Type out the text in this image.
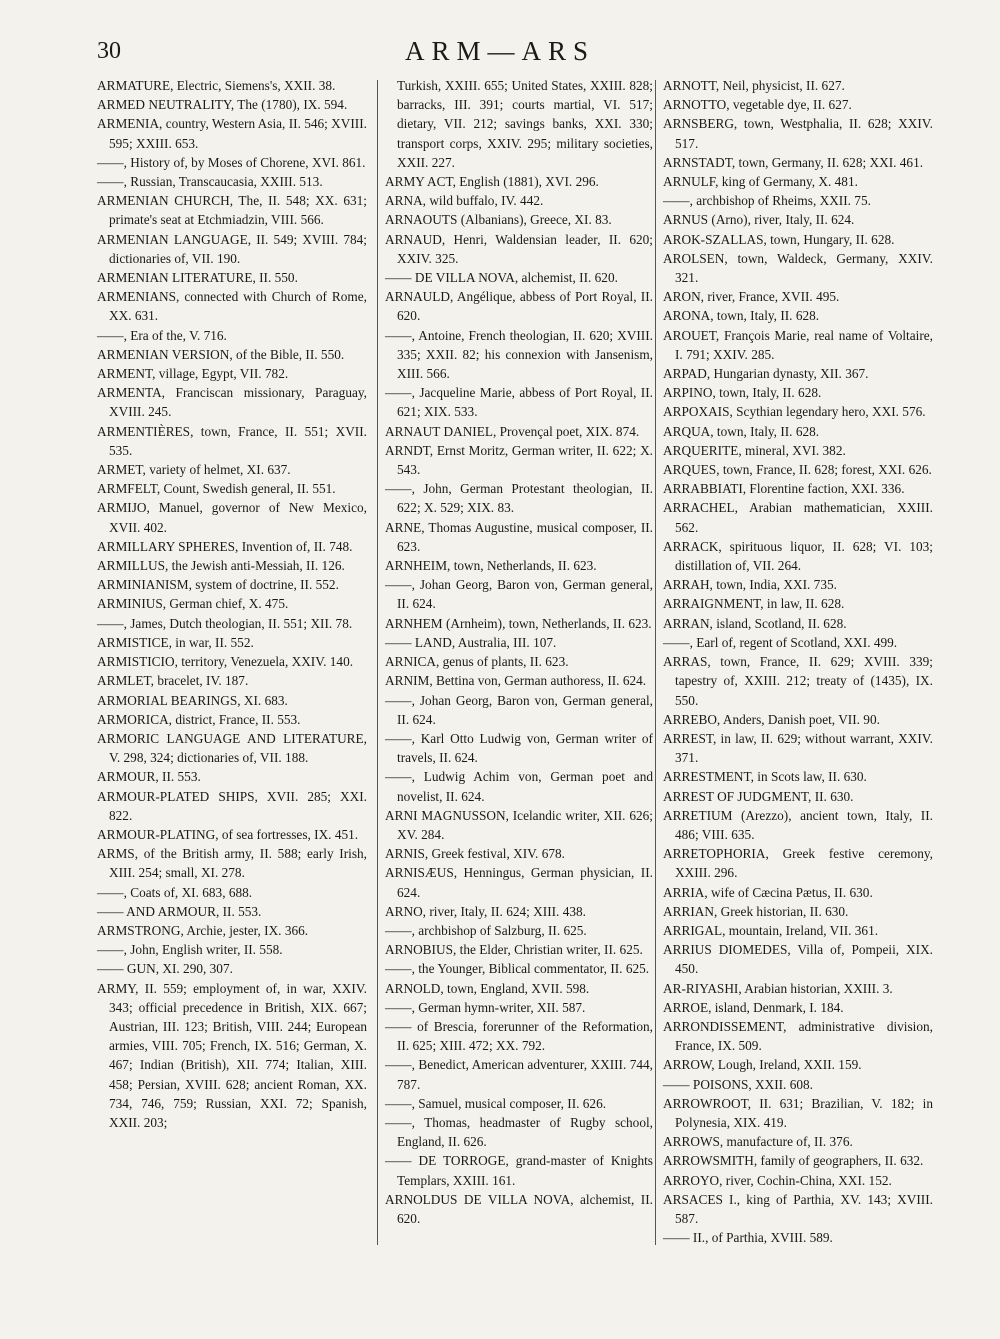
30	ARM—ARS

ARMATURE, Electric, Siemens's, XXII. 38.

ARMED NEUTRALITY, The (1780), IX. 594.

ARMENIA, country, Western Asia, II. 546; XVIII. 595; XXIII. 653.

——, History of, by Moses of Chorene, XVI. 861.

——, Russian, Transcaucasia, XXIII. 513.

ARMENIAN CHURCH, The, II. 548; XX. 631; primate's seat at Etchmiadzin, VIII. 566.

ARMENIAN LANGUAGE, II. 549; XVIII. 784; dictionaries of, VII. 190.

ARMENIAN LITERATURE, II. 550.

ARMENIANS, connected with Church of Rome, XX. 631.

——, Era of the, V. 716.

ARMENIAN VERSION, of the Bible, II. 550.

ARMENT, village, Egypt, VII. 782.

ARMENTA, Franciscan missionary, Paraguay, XVIII. 245.

ARMENTIÈRES, town, France, II. 551; XVII. 535.

ARMET, variety of helmet, XI. 637.

ARMFELT, Count, Swedish general, II. 551.

ARMIJO, Manuel, governor of New Mexico, XVII. 402.

ARMILLARY SPHERES, Invention of, II. 748.

ARMILLUS, the Jewish anti-Messiah, II. 126.

ARMINIANISM, system of doctrine, II. 552.

ARMINIUS, German chief, X. 475.

——, James, Dutch theologian, II. 551; XII. 78.

ARMISTICE, in war, II. 552.

ARMISTICIO, territory, Venezuela, XXIV. 140.

ARMLET, bracelet, IV. 187.

ARMORIAL BEARINGS, XI. 683.

ARMORICA, district, France, II. 553.

ARMORIC LANGUAGE AND LITERATURE, V. 298, 324; dictionaries of, VII. 188.

ARMOUR, II. 553.

ARMOUR-PLATED SHIPS, XVII. 285; XXI. 822.

ARMOUR-PLATING, of sea fortresses, IX. 451.

ARMS, of the British army, II. 588; early Irish, XIII. 254; small, XI. 278.

——, Coats of, XI. 683, 688.

—— AND ARMOUR, II. 553.

ARMSTRONG, Archie, jester, IX. 366.

——, John, English writer, II. 558.

—— GUN, XI. 290, 307.

ARMY, II. 559; employment of, in war, XXIV. 343; official precedence in British, XIX. 667; Austrian, III. 123; British, VIII. 244; European armies, VIII. 705; French, IX. 516; German, X. 467; Indian (British), XII. 774; Italian, XIII. 458; Persian, XVIII. 628; ancient Roman, XX. 734, 746, 759; Russian, XXI. 72; Spanish, XXII. 203;

Turkish, XXIII. 655; United States, XXIII. 828; barracks, III. 391; courts martial, VI. 517; dietary, VII. 212; savings banks, XXI. 330; transport corps, XXIV. 295; military societies, XXII. 227.

ARMY ACT, English (1881), XVI. 296.

ARNA, wild buffalo, IV. 442.

ARNAOUTS (Albanians), Greece, XI. 83.

ARNAUD, Henri, Waldensian leader, II. 620; XXIV. 325.

—— DE VILLA NOVA, alchemist, II. 620.

ARNAULD, Angélique, abbess of Port Royal, II. 620.

——, Antoine, French theologian, II. 620; XVIII. 335; XXII. 82; his connexion with Jansenism, XIII. 566.

——, Jacqueline Marie, abbess of Port Royal, II. 621; XIX. 533.

ARNAUT DANIEL, Provençal poet, XIX. 874.

ARNDT, Ernst Moritz, German writer, II. 622; X. 543.

——, John, German Protestant theologian, II. 622; X. 529; XIX. 83.

ARNE, Thomas Augustine, musical composer, II. 623.

ARNHEIM, town, Netherlands, II. 623.

——, Johan Georg, Baron von, German general, II. 624.

ARNHEM (Arnheim), town, Netherlands, II. 623.

—— LAND, Australia, III. 107.

ARNICA, genus of plants, II. 623.

ARNIM, Bettina von, German authoress, II. 624.

——, Johan Georg, Baron von, German general, II. 624.

——, Karl Otto Ludwig von, German writer of travels, II. 624.

——, Ludwig Achim von, German poet and novelist, II. 624.

ARNI MAGNUSSON, Icelandic writer, XII. 626; XV. 284.

ARNIS, Greek festival, XIV. 678.

ARNISÆUS, Henningus, German physician, II. 624.

ARNO, river, Italy, II. 624; XIII. 438.

——, archbishop of Salzburg, II. 625.

ARNOBIUS, the Elder, Christian writer, II. 625.

——, the Younger, Biblical commentator, II. 625.

ARNOLD, town, England, XVII. 598.

——, German hymn-writer, XII. 587.

—— of Brescia, forerunner of the Reformation, II. 625; XIII. 472; XX. 792.

——, Benedict, American adventurer, XXIII. 744, 787.

——, Samuel, musical composer, II. 626.

——, Thomas, headmaster of Rugby school, England, II. 626.

—— DE TORROGE, grand-master of Knights Templars, XXIII. 161.

ARNOLDUS DE VILLA NOVA, alchemist, II. 620.

ARNOTT, Neil, physicist, II. 627.

ARNOTTO, vegetable dye, II. 627.

ARNSBERG, town, Westphalia, II. 628; XXIV. 517.

ARNSTADT, town, Germany, II. 628; XXI. 461.

ARNULF, king of Germany, X. 481.

——, archbishop of Rheims, XXII. 75.

ARNUS (Arno), river, Italy, II. 624.

AROK-SZALLAS, town, Hungary, II. 628.

AROLSEN, town, Waldeck, Germany, XXIV. 321.

ARON, river, France, XVII. 495.

ARONA, town, Italy, II. 628.

AROUET, François Marie, real name of Voltaire, I. 791; XXIV. 285.

ARPAD, Hungarian dynasty, XII. 367.

ARPINO, town, Italy, II. 628.

ARPOXAIS, Scythian legendary hero, XXI. 576.

ARQUA, town, Italy, II. 628.

ARQUERITE, mineral, XVI. 382.

ARQUES, town, France, II. 628; forest, XXI. 626.

ARRABBIATI, Florentine faction, XXI. 336.

ARRACHEL, Arabian mathematician, XXIII. 562.

ARRACK, spirituous liquor, II. 628; VI. 103; distillation of, VII. 264.

ARRAH, town, India, XXI. 735.

ARRAIGNMENT, in law, II. 628.

ARRAN, island, Scotland, II. 628.

——, Earl of, regent of Scotland, XXI. 499.

ARRAS, town, France, II. 629; XVIII. 339; tapestry of, XXIII. 212; treaty of (1435), IX. 550.

ARREBO, Anders, Danish poet, VII. 90.

ARREST, in law, II. 629; without warrant, XXIV. 371.

ARRESTMENT, in Scots law, II. 630.

ARREST OF JUDGMENT, II. 630.

ARRETIUM (Arezzo), ancient town, Italy, II. 486; VIII. 635.

ARRETOPHORIA, Greek festive ceremony, XXIII. 296.

ARRIA, wife of Cæcina Pætus, II. 630.

ARRIAN, Greek historian, II. 630.

ARRIGAL, mountain, Ireland, VII. 361.

ARRIUS DIOMEDES, Villa of, Pompeii, XIX. 450.

AR-RIYASHI, Arabian historian, XXIII. 3.

ARROE, island, Denmark, I. 184.

ARRONDISSEMENT, administrative division, France, IX. 509.

ARROW, Lough, Ireland, XXII. 159.

—— POISONS, XXII. 608.

ARROWROOT, II. 631; Brazilian, V. 182; in Polynesia, XIX. 419.

ARROWS, manufacture of, II. 376.

ARROWSMITH, family of geographers, II. 632.

ARROYO, river, Cochin-China, XXI. 152.

ARSACES I., king of Parthia, XV. 143; XVIII. 587.

—— II., of Parthia, XVIII. 589.
